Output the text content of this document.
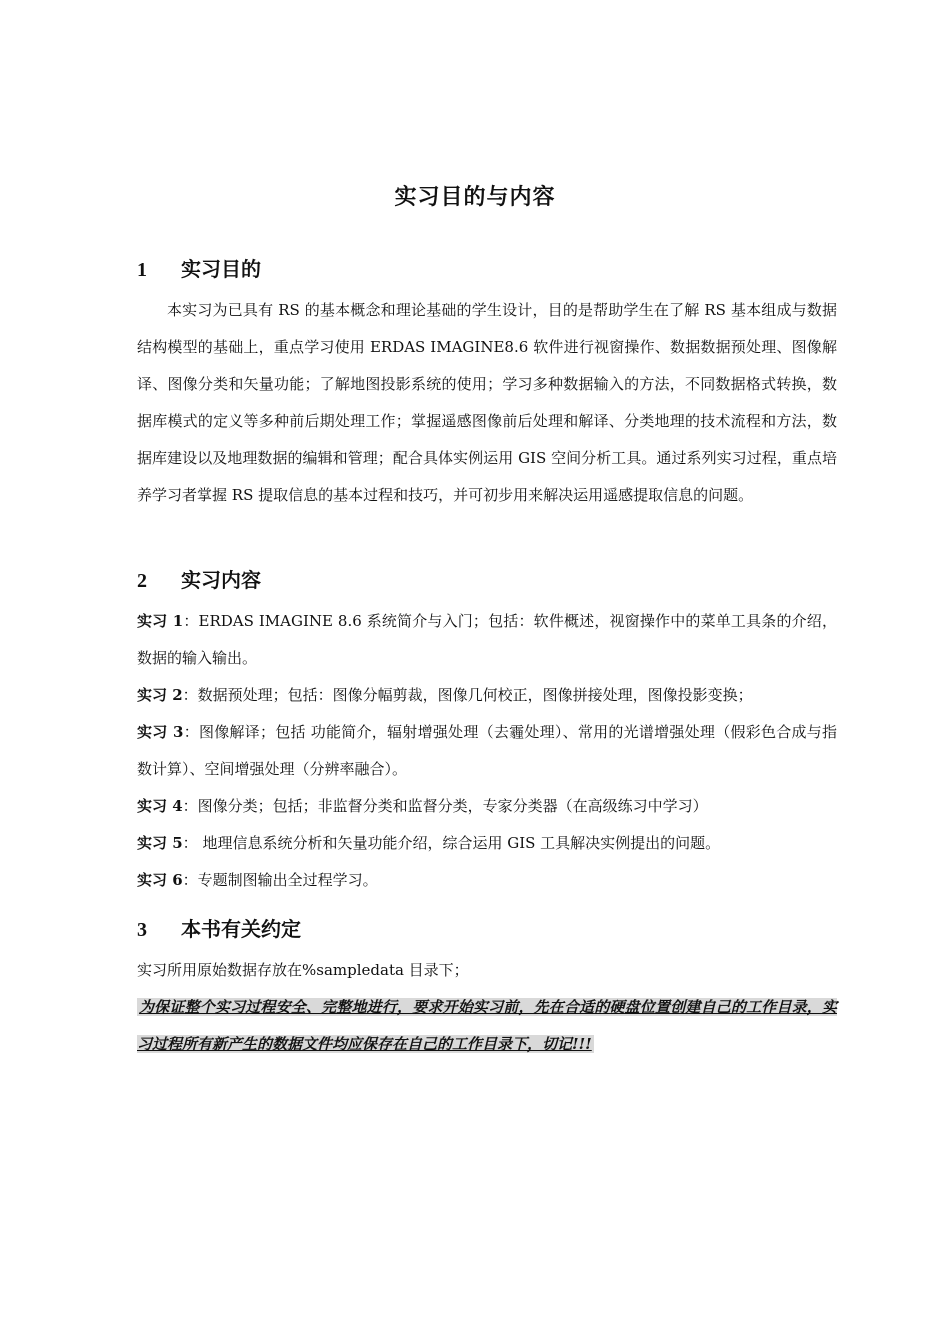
实习目的与内容
1 实习目的

本实习为已具有 RS 的基本概念和理论基础的学生设计，目的是帮助学生在了解 RS 基本组成与数据结构模型的基础上，重点学习使用 ERDAS IMAGINE8.6 软件进行视窗操作、数据数据预处理、图像解译、图像分类和矢量功能；了解地图投影系统的使用；学习多种数据输入的方法，不同数据格式转换，数据库模式的定义等多种前后期处理工作；掌握遥感图像前后处理和解译、分类地理的技术流程和方法，数据库建设以及地理数据的编辑和管理；配合具体实例运用 GIS 空间分析工具。通过系列实习过程，重点培养学习者掌握 RS 提取信息的基本过程和技巧，并可初步用来解决运用遥感提取信息的问题。

2 实习内容

实习 1：ERDAS IMAGINE 8.6 系统简介与入门；包括：软件概述，视窗操作中的菜单工具条的介绍，数据的输入输出。

实习 2：数据预处理；包括：图像分幅剪裁，图像几何校正，图像拼接处理，图像投影变换；

实习 3：图像解译；包括 功能简介，辐射增强处理（去霾处理）、常用的光谱增强处理（假彩色合成与指数计算）、空间增强处理（分辨率融合）。

实习 4：图像分类；包括；非监督分类和监督分类，专家分类器（在高级练习中学习）

实习 5： 地理信息系统分析和矢量功能介绍，综合运用 GIS 工具解决实例提出的问题。

实习 6：专题制图输出全过程学习。

3 本书有关约定

实习所用原始数据存放在%sampledata 目录下；

为保证整个实习过程安全、完整地进行，要求开始实习前，先在合适的硬盘位置创建自己的工作目录，实习过程所有新产生的数据文件均应保存在自己的工作目录下，切记!!!
